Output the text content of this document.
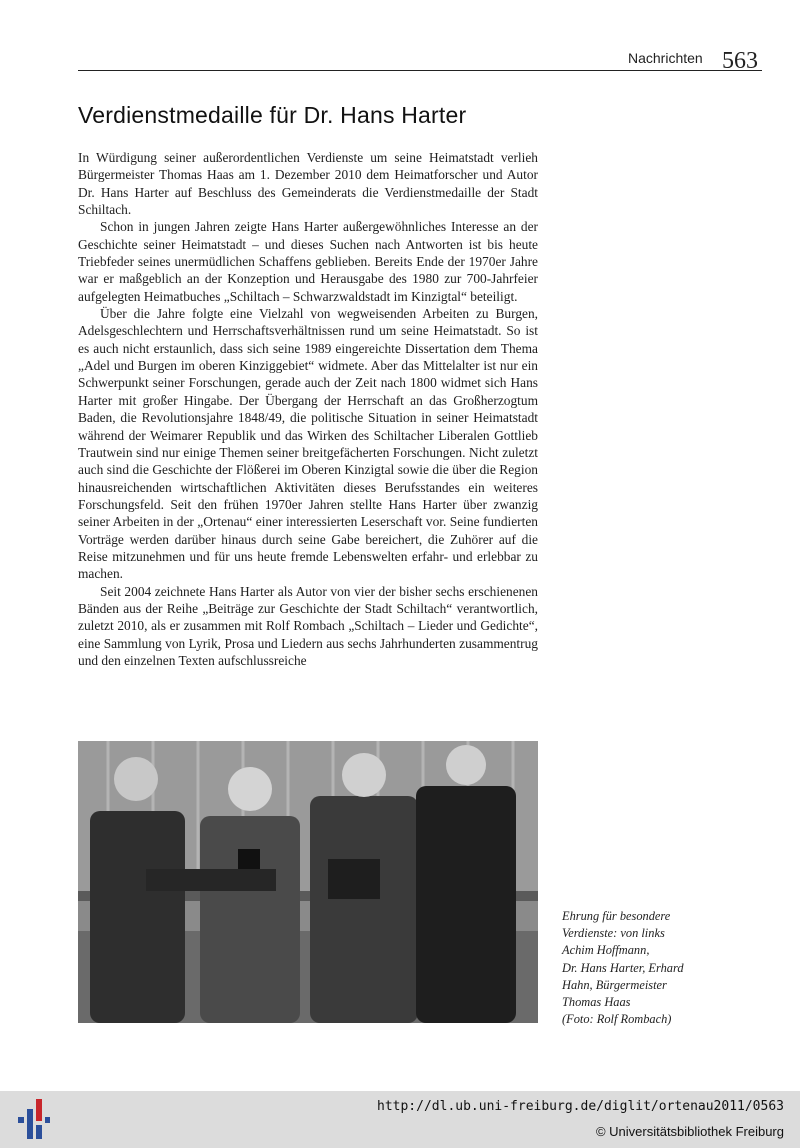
Nachrichten 563
Verdienstmedaille für Dr. Hans Harter

In Würdigung seiner außerordentlichen Verdienste um seine Heimatstadt verlieh Bürgermeister Thomas Haas am 1. Dezember 2010 dem Heimatforscher und Autor Dr. Hans Harter auf Beschluss des Gemeinderats die Verdienstmedaille der Stadt Schiltach.

Schon in jungen Jahren zeigte Hans Harter außergewöhnliches Interesse an der Geschichte seiner Heimatstadt – und dieses Suchen nach Antworten ist bis heute Triebfeder seines unermüdlichen Schaffens geblieben. Bereits Ende der 1970er Jahre war er maßgeblich an der Konzeption und Herausgabe des 1980 zur 700-Jahrfeier aufgelegten Heimatbuches „Schiltach – Schwarzwaldstadt im Kinzigtal“ beteiligt.

Über die Jahre folgte eine Vielzahl von wegweisenden Arbeiten zu Burgen, Adelsgeschlechtern und Herrschaftsverhältnissen rund um seine Heimatstadt. So ist es auch nicht erstaunlich, dass sich seine 1989 eingereichte Dissertation dem Thema „Adel und Burgen im oberen Kinziggebiet“ widmete. Aber das Mittelalter ist nur ein Schwerpunkt seiner Forschungen, gerade auch der Zeit nach 1800 widmet sich Hans Harter mit großer Hingabe. Der Übergang der Herrschaft an das Großherzogtum Baden, die Revolutionsjahre 1848/49, die politische Situation in seiner Heimatstadt während der Weimarer Republik und das Wirken des Schiltacher Liberalen Gottlieb Trautwein sind nur einige Themen seiner breitgefächerten Forschungen. Nicht zuletzt auch sind die Geschichte der Flößerei im Oberen Kinzigtal sowie die über die Region hinausreichenden wirtschaftlichen Aktivitäten dieses Berufsstandes ein weiteres Forschungsfeld. Seit den frühen 1970er Jahren stellte Hans Harter über zwanzig seiner Arbeiten in der „Ortenau“ einer interessierten Leserschaft vor. Seine fundierten Vorträge werden darüber hinaus durch seine Gabe bereichert, die Zuhörer auf die Reise mitzunehmen und für uns heute fremde Lebenswelten erfahr- und erlebbar zu machen.

Seit 2004 zeichnete Hans Harter als Autor von vier der bisher sechs erschienenen Bänden aus der Reihe „Beiträge zur Geschichte der Stadt Schiltach“ verantwortlich, zuletzt 2010, als er zusammen mit Rolf Rombach „Schiltach – Lieder und Gedichte“, eine Sammlung von Lyrik, Prosa und Liedern aus sechs Jahrhunderten zusammentrug und den einzelnen Texten aufschlussreiche

Ehrung für besondere
Verdienste: von links
Achim Hoffmann,
Dr. Hans Harter, Erhard
Hahn, Bürgermeister
Thomas Haas
(Foto: Rolf Rombach)
http://dl.ub.uni-freiburg.de/diglit/ortenau2011/0563
© Universitätsbibliothek Freiburg
